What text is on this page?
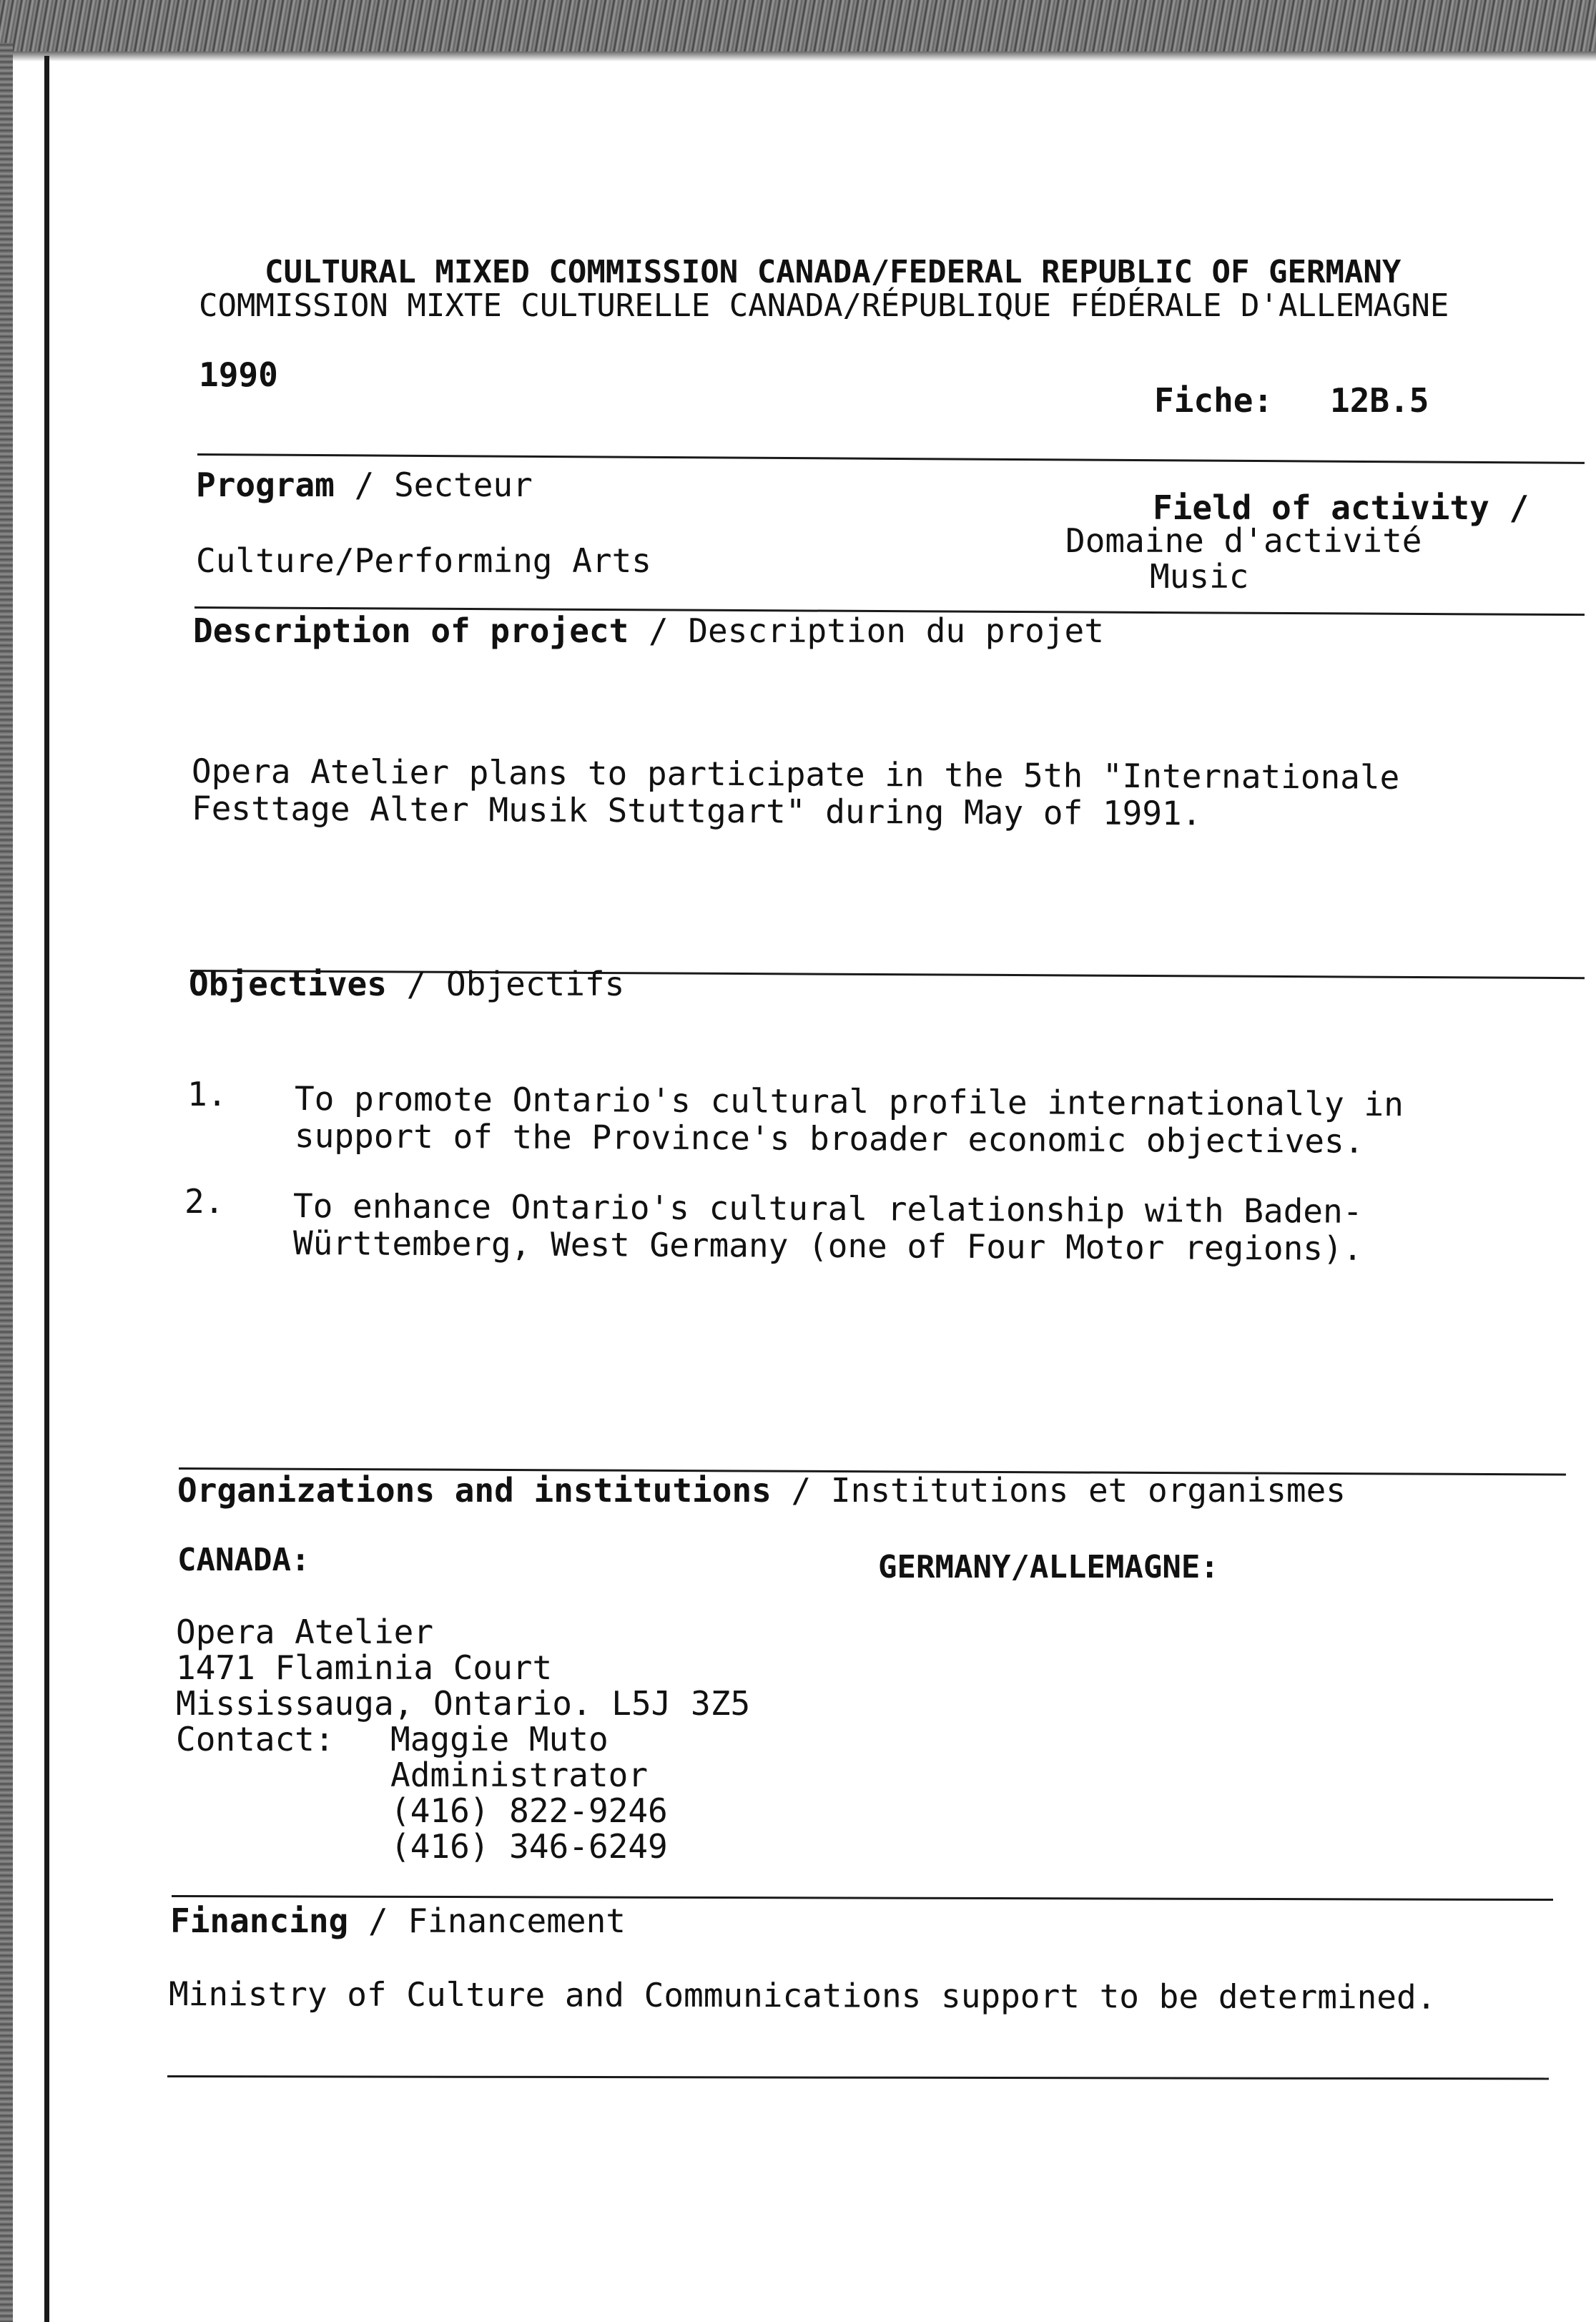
CULTURAL MIXED COMMISSION CANADA/FEDERAL REPUBLIC OF GERMANY
COMMISSION MIXTE CULTURELLE CANADA/RÉPUBLIQUE FÉDÉRALE D'ALLEMAGNE
1990
Fiche: 12B.5
Program / Secteur
Culture/Performing Arts
Field of activity /
Domaine d'activité
Music
Description of project / Description du projet
Opera Atelier plans to participate in the 5th "Internationale
Festtage Alter Musik Stuttgart" during May of 1991.
Objectives / Objectifs
1. To promote Ontario's cultural profile internationally in
support of the Province's broader economic objectives.
2. To enhance Ontario's cultural relationship with Baden-
Württemberg, West Germany (one of Four Motor regions).
Organizations and institutions / Institutions et organismes
CANADA:	GERMANY/ALLEMAGNE:
Opera Atelier
1471 Flaminia Court
Mississauga, Ontario. L5J 3Z5
Contact: Maggie Muto
Administrator
(416) 822-9246
(416) 346-6249
Financing / Financement
Ministry of Culture and Communications support to be determined.
